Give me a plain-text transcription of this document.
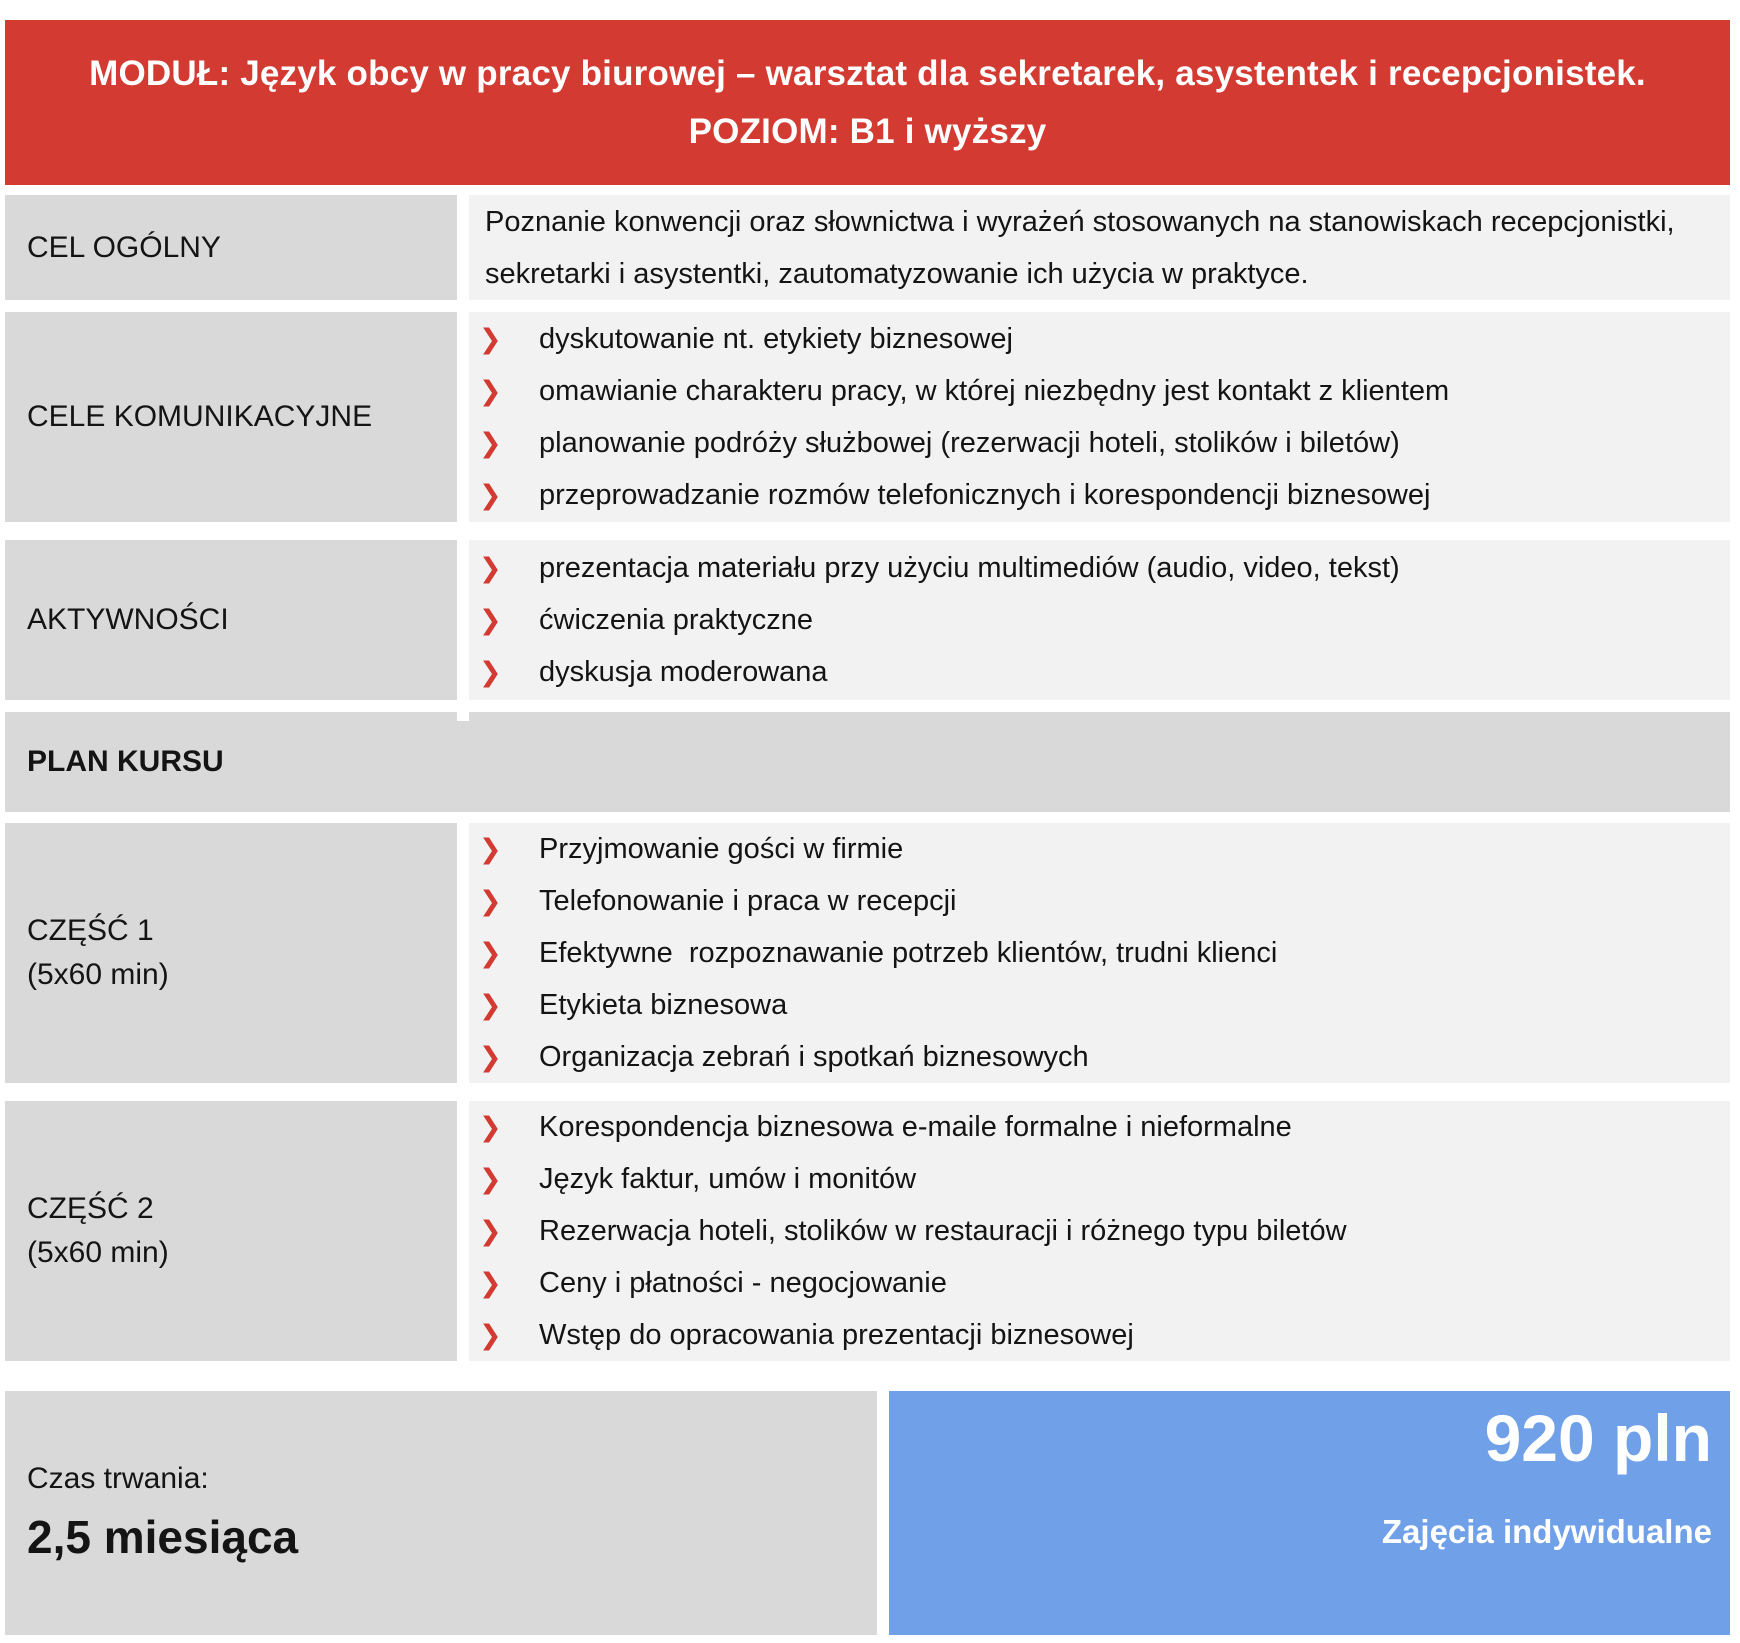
MODUŁ: Język obcy w pracy biurowej – warsztat dla sekretarek, asystentek i recepcjonistek.
POZIOM: B1 i wyższy
CEL OGÓLNY

Poznanie konwencji oraz słownictwa i wyrażeń stosowanych na stanowiskach recepcjonistki, sekretarki i asystentki, zautomatyzowanie ich użycia w praktyce.

CELE KOMUNIKACYJNE
❯	dyskutowanie nt. etykiety biznesowej
❯	omawianie charakteru pracy, w której niezbędny jest kontakt z klientem
❯	planowanie podróży służbowej (rezerwacji hoteli, stolików i biletów)
❯	przeprowadzanie rozmów telefonicznych i korespondencji biznesowej
AKTYWNOŚCI
❯	prezentacja materiału przy użyciu multimediów (audio, video, tekst)
❯	ćwiczenia praktyczne
❯	dyskusja moderowana
PLAN KURSU
CZĘŚĆ 1
(5x60 min)
❯	Przyjmowanie gości w firmie
❯	Telefonowanie i praca w recepcji
❯	Efektywne  rozpoznawanie potrzeb klientów, trudni klienci
❯	Etykieta biznesowa
❯	Organizacja zebrań i spotkań biznesowych
CZĘŚĆ 2
(5x60 min)
❯	Korespondencja biznesowa e-maile formalne i nieformalne
❯	Język faktur, umów i monitów
❯	Rezerwacja hoteli, stolików w restauracji i różnego typu biletów
❯	Ceny i płatności - negocjowanie
❯	Wstęp do opracowania prezentacji biznesowej
Czas trwania:
2,5 miesiąca
920 pln
Zajęcia indywidualne
